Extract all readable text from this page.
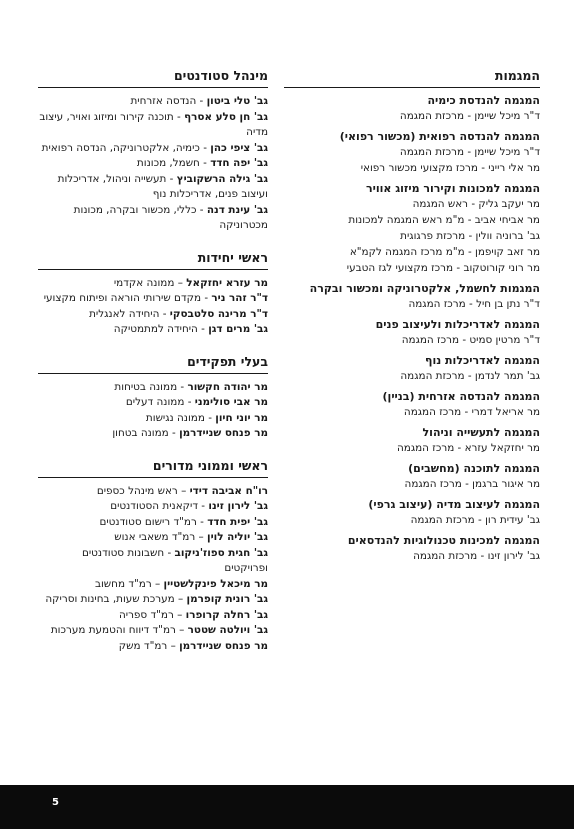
המגמות
המגמה להנדסת כימיה
ד"ר מיכל שיימן - מרכזת המגמה
המגמה להנדסה רפואית (מכשור רפואי)
ד"ר מיכל שיימן - מרכזת המגמה
מר אלי רייני - מרכז מקצועי מכשור רפואי
המגמה למכונות וקירור מיזוג אוויר
מר יעקב גליק - ראש המגמה
מר אביחי אביב - מ"מ ראש המגמה למכונות
גב' ברוניה וולין - מרכזת פרגוגית
מר זאב קויפמן - מ"מ מרכז המגמה לקמ"א
מר רוני קורוטקוב - מרכז מקצועי לגז הטבעי
המגמות לחשמל, אלקטרוניקה ומכשור ובקרה
ד"ר נתן בן חיל - מרכז המגמה
המגמה לאדריכלות ולעיצוב פנים
ד"ר מרטין סמיט - מרכז המגמה
המגמה לאדריכלות נוף
גב' תמר לנדמן - מרכזת המגמה
המגמה להנדסה אזרחית (בניין)
מר אריאל דמרי - מרכז המגמה
המגמה לתעשייה וניהול
מר יחזקאל עזרא - מרכז המגמה
המגמה לתוכנה (מחשבים)
מר איגור ברגמן - מרכז המגמה
המגמה לעיצוב מדיה (עיצוב גרפי)
גב' עידית רון - מרכזת המגמה
המגמה למכינות טכנולוגיות להנדסאים
גב' לירון זינו - מרכזת המגמה
מינהל סטודנטים
גב' טלי ביטון - הנדסה אזרחית
גב' חן סלע אסרף - תוכנה קירור ומיזוג ואויר, עיצוב מדיה
גב' ציפי כהן - כימיה, אלקטרוניקה, הנדסה רפואית
גב' יפה חדד - חשמל, מכונות
גב' גילה הרשקוביץ - תעשייה וניהול, אדריכלות ועיצוב פנים, אדריכלות נוף
גב' עינת דנה - כללי, מכשור ובקרה, מכונות מכטרוניקה
ראשי יחידות
מר עזרא יחזקאל – ממונה אקדמי
ד"ר זהר ניר - מקדם שירותי הוראה ופיתוח מקצועי
ד"ר מרינה סלטבסקי - היחידה לאנגלית
גב' מרים דגן - היחידה למתמטיקה
בעלי תפקידים
מר יהודה חקשור - ממונה בטיחות
מר אבי סולימני - ממונה דעלים
מר יוני חיון - ממונה נגישות
מר פנחס שניידרמן - ממונה בטחון
ראשי וממוני מדורים
רו"ח אביבה דידי – ראש מינהל כספים
גב' לירון זינו - דיקאנית הסטודנטים
גב' יפית חדד - רמ"ד רישום סטודנטים
גב' יוליה לוין – רמ"ד משאבי אנוש
גב' חגית ספוז'ניקוב - חשבונות סטודנטים ופרויקטים
מר מיכאל פינקלשטיין – רמ"ד מחשוב
גב' רונית קופרמן – מערכת שעות, בחינות וסריקה
גב' רחלה קרופרו – רמ"ד ספריה
גב' ויולטה שטטר – רמ"ד דיווח והטמעת מערכות
מר פנחס שניידרמן – רמ"ד משק
5
